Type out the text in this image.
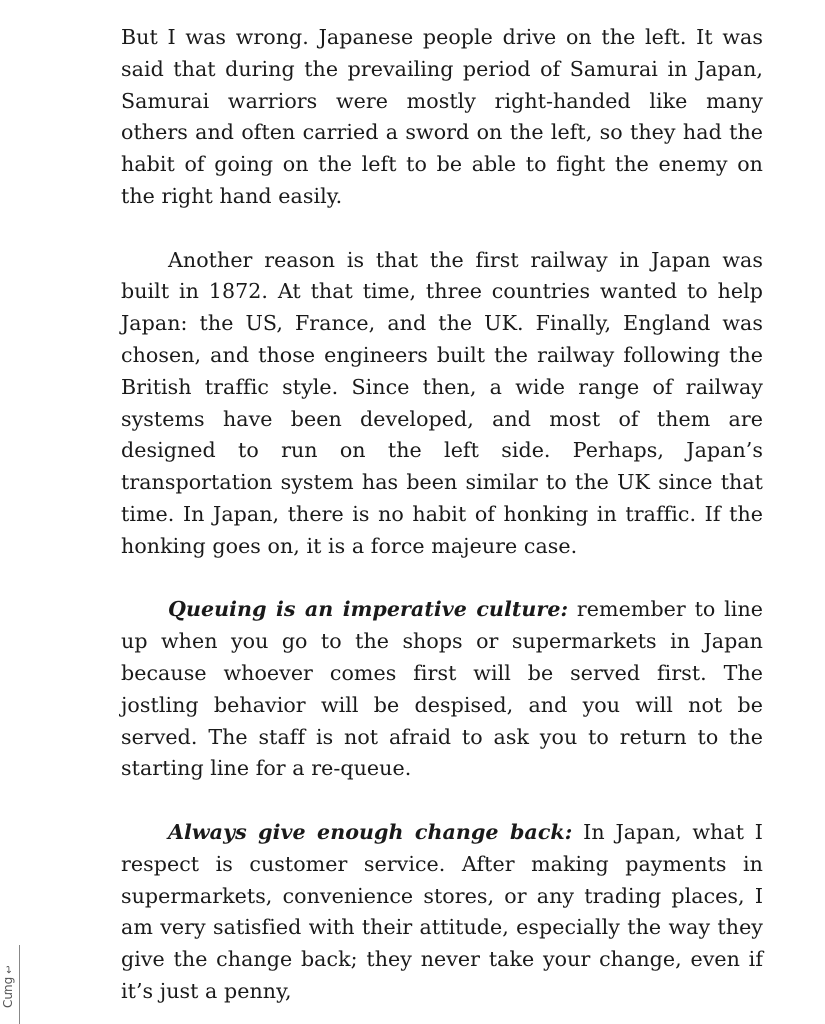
But I was wrong. Japanese people drive on the left. It was said that during the prevailing period of Samurai in Japan, Samurai warriors were mostly right-handed like many others and often carried a sword on the left, so they had the habit of going on the left to be able to fight the enemy on the right hand easily.

Another reason is that the first railway in Japan was built in 1872. At that time, three countries wanted to help Japan: the US, France, and the UK. Finally, England was chosen, and those engineers built the railway following the British traffic style. Since then, a wide range of railway systems have been developed, and most of them are designed to run on the left side. Perhaps, Japan’s transportation system has been similar to the UK since that time. In Japan, there is no habit of honking in traffic. If the honking goes on, it is a force majeure case.

Queuing is an imperative culture: remember to line up when you go to the shops or supermarkets in Japan because whoever comes first will be served first. The jostling behavior will be despised, and you will not be served. The staff is not afraid to ask you to return to the starting line for a re-queue.

Always give enough change back: In Japan, what I respect is customer service. After making payments in supermarkets, convenience stores, or any trading places, I am very satisfied with their attitude, especially the way they give the change back; they never take your change, even if it’s just a penny,

Cưng↩
